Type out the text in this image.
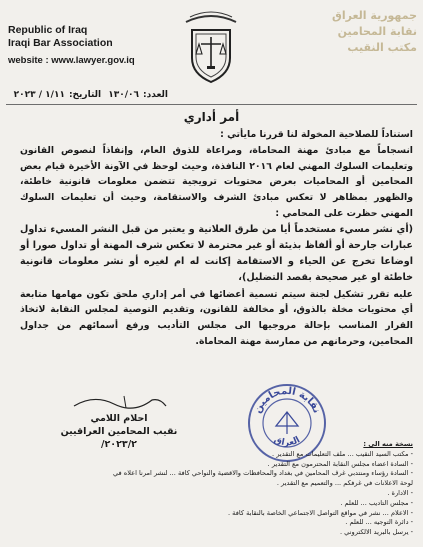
Republic of Iraq
Iraqi Bar Association
website : www.lawyer.gov.iq
العدد:١٣٠/٠٦ التاريخ:١/١١ / ٢٠٢٣
جمهورية العراق
نقابة المحامين
مكتب النقيب
أمر أداري

استناداً للصلاحية المخولة لنا قررنا مايأتي :

انسجاماً مع مبادئ مهنة المحاماة، ومراعاة للذوق العام، وإنفاذاً لنصوص القانون وتعليمات السلوك المهني لعام ٢٠١٦ النافذة، وحيث لوحظ في الآونة الأخيرة قيام بعض المحامين أو المحاميات بعرض محتويات ترويجية تتضمن معلومات قانونية خاطئة، والظهور بمظاهر لا تعكس مبادئ الشرف والاستقامة، وحيث أن تعليمات السلوك المهني حظرت على المحامي :

(أي نشر مسيء مستخدماً أيا من طرق العلانية و يعتبر من قبل النشر المسيء تداول عبارات جارحة أو ألفاظ بذيئة أو غير محترمة لا تعكس شرف المهنة أو تداول صورا أو اوضاعا تخرج عن الحياء و الاستقامة إكانت له ام لغيره أو نشر معلومات قانونية خاطئة او غير صحيحة بقصد التضليل)،

عليه تقرر تشكيل لجنة سيتم تسمية أعضائها في أمر إداري ملحق تكون مهامها متابعة أي محتويات مخلة بالذوق، أو مخالفة للقانون، وتقديم التوصية لمجلس النقابة لاتخاذ القرار المناسب بإحالة مروجيها الى مجلس التأديب ورفع أسمائهم من جداول المحامين، وحرمانهم من ممارسة مهنة المحاماة.

احلام اللامي
نقيب المحامين العراقيين
٢٠٢٣/٢/
نقابة المحامين
العراق	نسخة منه الى :
- مكتب السيد النقيب ... ملف التعليمات مع التقدير .
- السادة اعضاء مجلس النقابة المحترمون مع التقدير .
- السادة رؤساء ومنتدبي غرف المحامين في بغداد والمحافظات والاقضية والنواحي كافة ... لنشر امرنا اعلاه في
لوحة الاعلانات في غرفكم ... والتعميم مع التقدير .
- الادارة .
- مجلس التاديب ... للعلم .
- الاعلام ... نشر في مواقع التواصل الاجتماعي الخاصة بالنقابة كافة .
- دائرة التوجيه ... للعلم .
- يرسل بالبريد الالكتروني .
